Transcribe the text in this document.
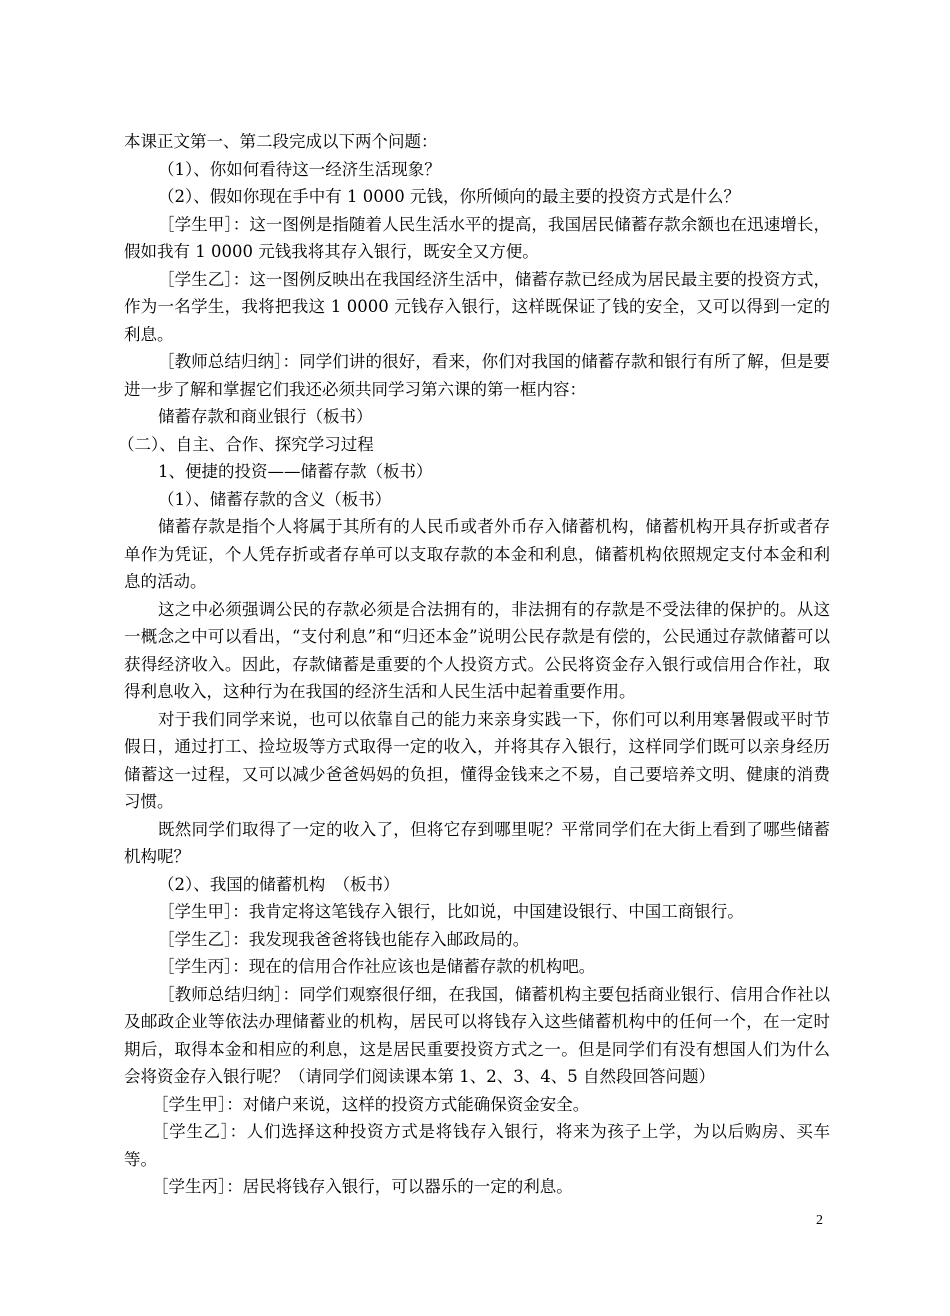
本课正文第一、第二段完成以下两个问题：

（1）、你如何看待这一经济生活现象？

（2）、假如你现在手中有 1 0000 元钱，你所倾向的最主要的投资方式是什么？

［学生甲］：这一图例是指随着人民生活水平的提高，我国居民储蓄存款余额也在迅速增长，假如我有 1 0000 元钱我将其存入银行，既安全又方便。

［学生乙］：这一图例反映出在我国经济生活中，储蓄存款已经成为居民最主要的投资方式，作为一名学生，我将把我这 1 0000 元钱存入银行，这样既保证了钱的安全，又可以得到一定的利息。

［教师总结归纳］：同学们讲的很好，看来，你们对我国的储蓄存款和银行有所了解，但是要进一步了解和掌握它们我还必须共同学习第六课的第一框内容：

储蓄存款和商业银行（板书）

（二）、自主、合作、探究学习过程

1、便捷的投资——储蓄存款（板书）

（1）、储蓄存款的含义（板书）

储蓄存款是指个人将属于其所有的人民币或者外币存入储蓄机构，储蓄机构开具存折或者存单作为凭证，个人凭存折或者存单可以支取存款的本金和利息，储蓄机构依照规定支付本金和利息的活动。

这之中必须强调公民的存款必须是合法拥有的，非法拥有的存款是不受法律的保护的。从这一概念之中可以看出，“支付利息”和“归还本金”说明公民存款是有偿的，公民通过存款储蓄可以获得经济收入。因此，存款储蓄是重要的个人投资方式。公民将资金存入银行或信用合作社，取得利息收入，这种行为在我国的经济生活和人民生活中起着重要作用。

对于我们同学来说，也可以依靠自己的能力来亲身实践一下，你们可以利用寒暑假或平时节假日，通过打工、捡垃圾等方式取得一定的收入，并将其存入银行，这样同学们既可以亲身经历储蓄这一过程，又可以减少爸爸妈妈的负担，懂得金钱来之不易，自己要培养文明、健康的消费习惯。

既然同学们取得了一定的收入了，但将它存到哪里呢？平常同学们在大街上看到了哪些储蓄机构呢？

（2）、我国的储蓄机构　（板书）

［学生甲］：我肯定将这笔钱存入银行，比如说，中国建设银行、中国工商银行。

［学生乙］：我发现我爸爸将钱也能存入邮政局的。

［学生丙］：现在的信用合作社应该也是储蓄存款的机构吧。

［教师总结归纳］：同学们观察很仔细，在我国，储蓄机构主要包括商业银行、信用合作社以及邮政企业等依法办理储蓄业的机构，居民可以将钱存入这些储蓄机构中的任何一个，在一定时期后，取得本金和相应的利息，这是居民重要投资方式之一。但是同学们有没有想国人们为什么会将资金存入银行呢？（请同学们阅读课本第 1、2、3、4、5 自然段回答问题）

［学生甲］：对储户来说，这样的投资方式能确保资金安全。

［学生乙］：人们选择这种投资方式是将钱存入银行，将来为孩子上学，为以后购房、买车等。

［学生丙］：居民将钱存入银行，可以器乐的一定的利息。

2
